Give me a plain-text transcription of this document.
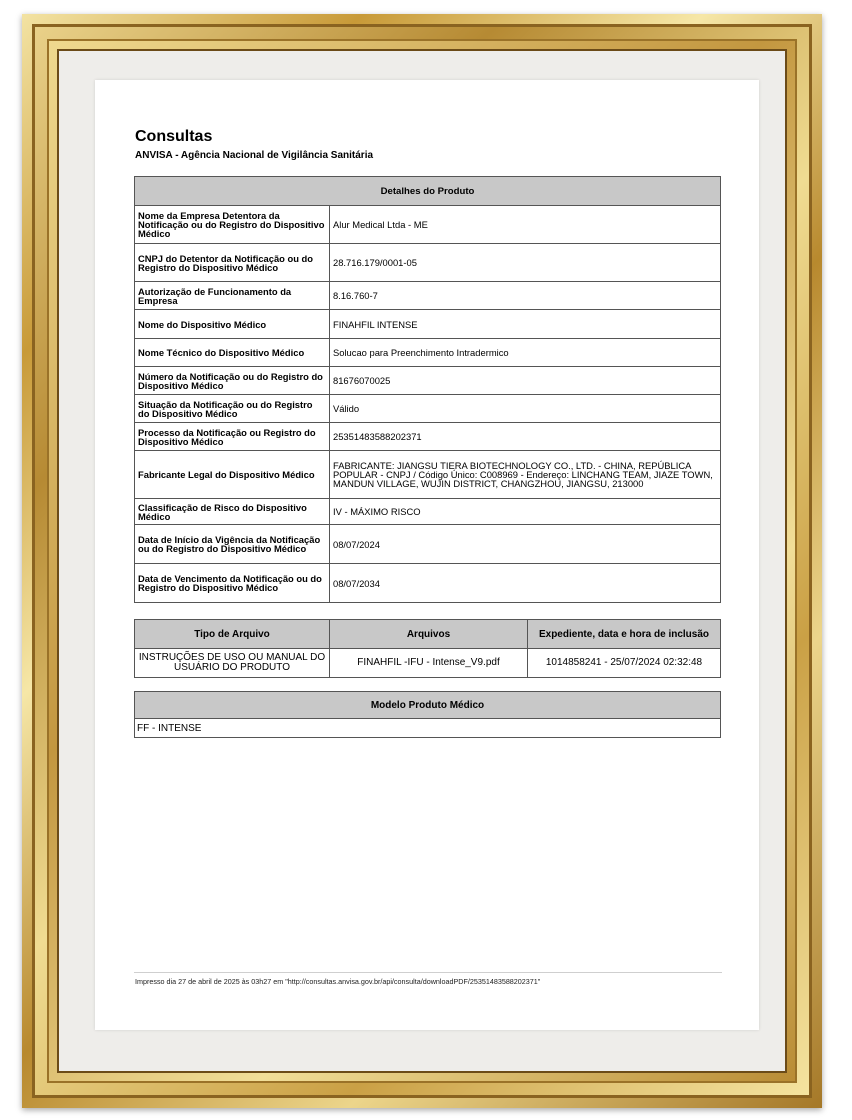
Consultas
ANVISA - Agência Nacional de Vigilância Sanitária
Detalhes do Produto	
Nome da Empresa Detentora da Notificação ou do Registro do Dispositivo Médico	Alur Medical Ltda - ME
CNPJ do Detentor da Notificação ou do Registro do Dispositivo Médico	28.716.179/0001-05
Autorização de Funcionamento da Empresa	8.16.760-7
Nome do Dispositivo Médico	FINAHFIL INTENSE
Nome Técnico do Dispositivo Médico	Solucao para Preenchimento Intradermico
Número da Notificação ou do Registro do Dispositivo Médico	81676070025
Situação da Notificação ou do Registro do Dispositivo Médico	Válido
Processo da Notificação ou Registro do Dispositivo Médico	25351483588202371
Fabricante Legal do Dispositivo Médico	FABRICANTE: JIANGSU TIERA BIOTECHNOLOGY CO., LTD. - CHINA, REPÚBLICA POPULAR - CNPJ / Código Único: C008969 - Endereço: LINCHANG TEAM, JIAZE TOWN, MANDUN VILLAGE, WUJIN DISTRICT, CHANGZHOU, JIANGSU, 213000
Classificação de Risco do Dispositivo Médico	IV - MÁXIMO RISCO
Data de Início da Vigência da Notificação ou do Registro do Dispositivo Médico	08/07/2024
Data de Vencimento da Notificação ou do Registro do Dispositivo Médico	08/07/2034
Tipo de Arquivo	Arquivos	Expediente, data e hora de inclusão
INSTRUÇÕES DE USO OU MANUAL DO USUÁRIO DO PRODUTO	FINAHFIL -IFU - Intense_V9.pdf	1014858241 - 25/07/2024 02:32:48
Modelo Produto Médico
FF - INTENSE
Impresso dia 27 de abril de 2025 às 03h27 em "http://consultas.anvisa.gov.br/api/consulta/downloadPDF/25351483588202371"
